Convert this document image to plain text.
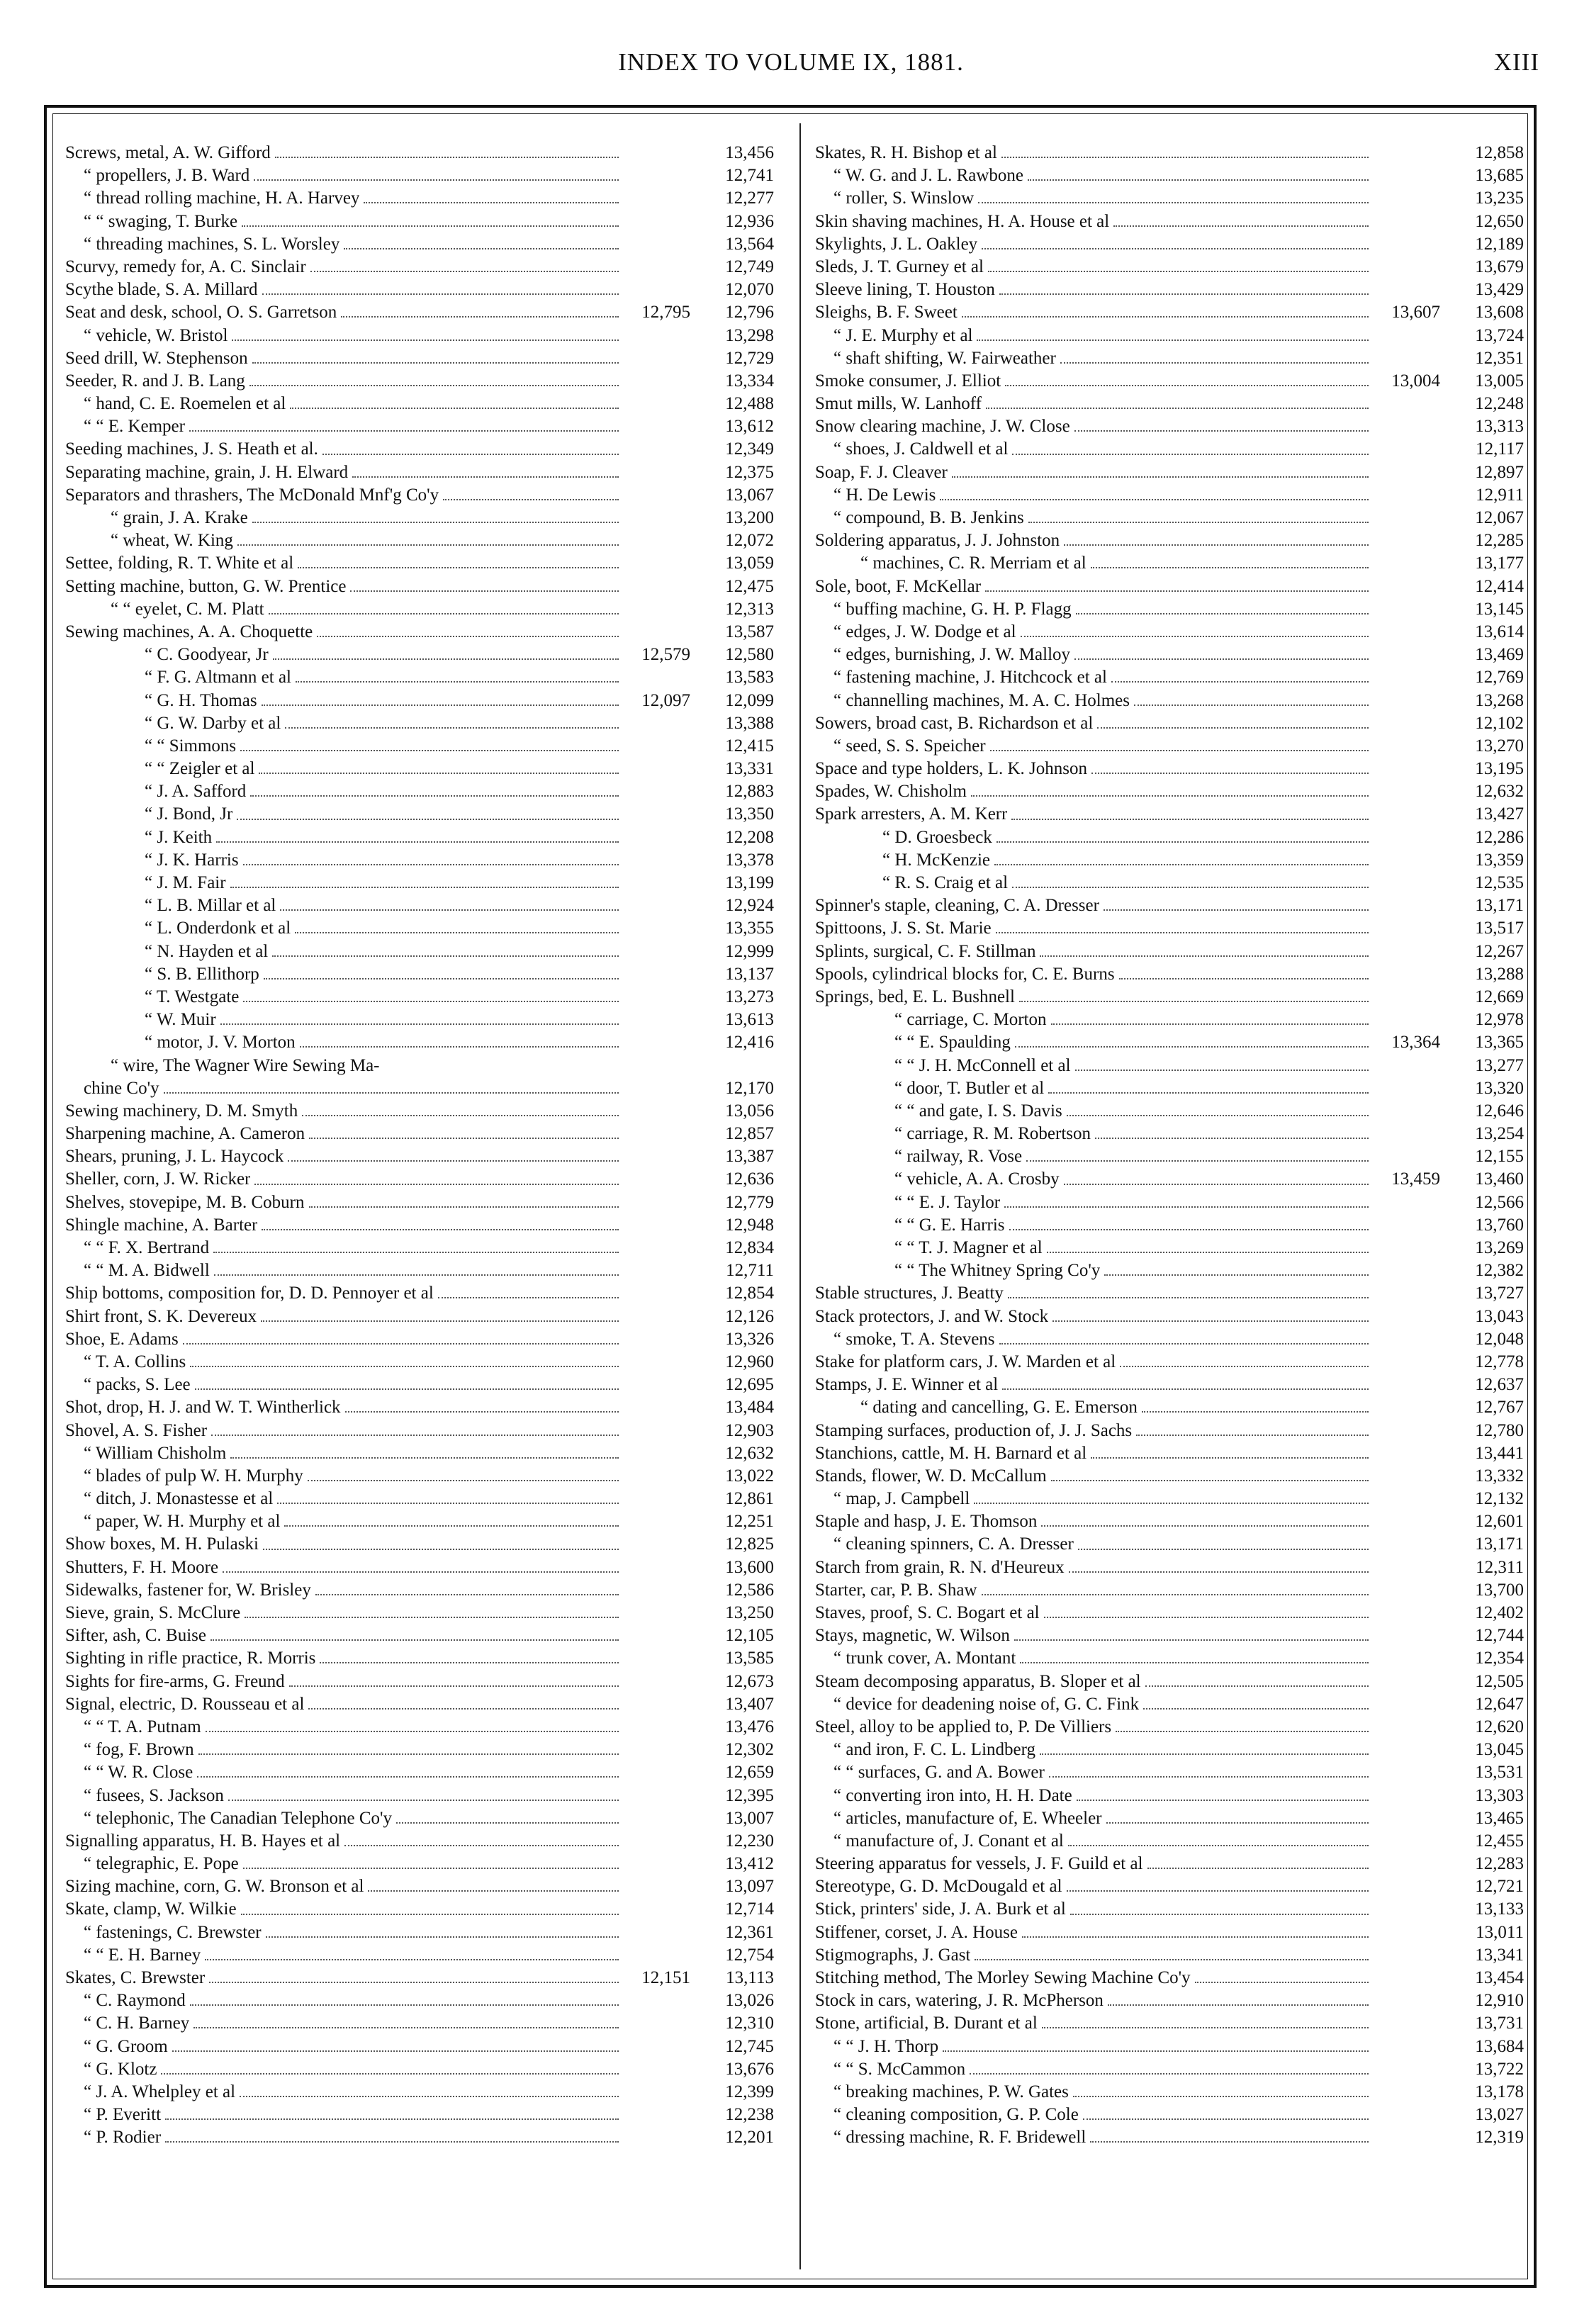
INDEX TO VOLUME IX, 1881.	XIII
Screws, metal, A. W. Gifford	13,456
“ propellers, J. B. Ward	12,741
“ thread rolling machine, H. A. Harvey	12,277
“ “ swaging, T. Burke	12,936
“ threading machines, S. L. Worsley	13,564
Scurvy, remedy for, A. C. Sinclair	12,749
Scythe blade, S. A. Millard	12,070
Seat and desk, school, O. S. Garretson	12,795	12,796
“ vehicle, W. Bristol	13,298
Seed drill, W. Stephenson	12,729
Seeder, R. and J. B. Lang	13,334
“ hand, C. E. Roemelen et al	12,488
“ “ E. Kemper	13,612
Seeding machines, J. S. Heath et al.	12,349
Separating machine, grain, J. H. Elward	12,375
Separators and thrashers, The McDonald Mnf'g Co'y	13,067
“ grain, J. A. Krake	13,200
“ wheat, W. King	12,072
Settee, folding, R. T. White et al	13,059
Setting machine, button, G. W. Prentice	12,475
“ “ eyelet, C. M. Platt	12,313
Sewing machines, A. A. Choquette	13,587
“ C. Goodyear, Jr	12,579	12,580
“ F. G. Altmann et al	13,583
“ G. H. Thomas	12,097	12,099
“ G. W. Darby et al	13,388
“ “ Simmons	12,415
“ “ Zeigler et al	13,331
“ J. A. Safford	12,883
“ J. Bond, Jr	13,350
“ J. Keith	12,208
“ J. K. Harris	13,378
“ J. M. Fair	13,199
“ L. B. Millar et al	12,924
“ L. Onderdonk et al	13,355
“ N. Hayden et al	12,999
“ S. B. Ellithorp	13,137
“ T. Westgate	13,273
“ W. Muir	13,613
“ motor, J. V. Morton	12,416
“ wire, The Wagner Wire Sewing Ma-
chine Co'y	12,170
Sewing machinery, D. M. Smyth	13,056
Sharpening machine, A. Cameron	12,857
Shears, pruning, J. L. Haycock	13,387
Sheller, corn, J. W. Ricker	12,636
Shelves, stovepipe, M. B. Coburn	12,779
Shingle machine, A. Barter	12,948
“ “ F. X. Bertrand	12,834
“ “ M. A. Bidwell	12,711
Ship bottoms, composition for, D. D. Pennoyer et al	12,854
Shirt front, S. K. Devereux	12,126
Shoe, E. Adams	13,326
“ T. A. Collins	12,960
“ packs, S. Lee	12,695
Shot, drop, H. J. and W. T. Wintherlick	13,484
Shovel, A. S. Fisher	12,903
“ William Chisholm	12,632
“ blades of pulp W. H. Murphy	13,022
“ ditch, J. Monastesse et al	12,861
“ paper, W. H. Murphy et al	12,251
Show boxes, M. H. Pulaski	12,825
Shutters, F. H. Moore	13,600
Sidewalks, fastener for, W. Brisley	12,586
Sieve, grain, S. McClure	13,250
Sifter, ash, C. Buise	12,105
Sighting in rifle practice, R. Morris	13,585
Sights for fire-arms, G. Freund	12,673
Signal, electric, D. Rousseau et al	13,407
“ “ T. A. Putnam	13,476
“ fog, F. Brown	12,302
“ “ W. R. Close	12,659
“ fusees, S. Jackson	12,395
“ telephonic, The Canadian Telephone Co'y	13,007
Signalling apparatus, H. B. Hayes et al	12,230
“ telegraphic, E. Pope	13,412
Sizing machine, corn, G. W. Bronson et al	13,097
Skate, clamp, W. Wilkie	12,714
“ fastenings, C. Brewster	12,361
“ “ E. H. Barney	12,754
Skates, C. Brewster	12,151	13,113
“ C. Raymond	13,026
“ C. H. Barney	12,310
“ G. Groom	12,745
“ G. Klotz	13,676
“ J. A. Whelpley et al	12,399
“ P. Everitt	12,238
“ P. Rodier	12,201
Skates, R. H. Bishop et al	12,858
“ W. G. and J. L. Rawbone	13,685
“ roller, S. Winslow	13,235
Skin shaving machines, H. A. House et al	12,650
Skylights, J. L. Oakley	12,189
Sleds, J. T. Gurney et al	13,679
Sleeve lining, T. Houston	13,429
Sleighs, B. F. Sweet	13,607	13,608
“ J. E. Murphy et al	13,724
“ shaft shifting, W. Fairweather	12,351
Smoke consumer, J. Elliot	13,004	13,005
Smut mills, W. Lanhoff	12,248
Snow clearing machine, J. W. Close	13,313
“ shoes, J. Caldwell et al	12,117
Soap, F. J. Cleaver	12,897
“ H. De Lewis	12,911
“ compound, B. B. Jenkins	12,067
Soldering apparatus, J. J. Johnston	12,285
“ machines, C. R. Merriam et al	13,177
Sole, boot, F. McKellar	12,414
“ buffing machine, G. H. P. Flagg	13,145
“ edges, J. W. Dodge et al	13,614
“ edges, burnishing, J. W. Malloy	13,469
“ fastening machine, J. Hitchcock et al	12,769
“ channelling machines, M. A. C. Holmes	13,268
Sowers, broad cast, B. Richardson et al	12,102
“ seed, S. S. Speicher	13,270
Space and type holders, L. K. Johnson	13,195
Spades, W. Chisholm	12,632
Spark arresters, A. M. Kerr	13,427
“ D. Groesbeck	12,286
“ H. McKenzie	13,359
“ R. S. Craig et al	12,535
Spinner's staple, cleaning, C. A. Dresser	13,171
Spittoons, J. S. St. Marie	13,517
Splints, surgical, C. F. Stillman	12,267
Spools, cylindrical blocks for, C. E. Burns	13,288
Springs, bed, E. L. Bushnell	12,669
“ carriage, C. Morton	12,978
“ “ E. Spaulding	13,364	13,365
“ “ J. H. McConnell et al	13,277
“ door, T. Butler et al	13,320
“ “ and gate, I. S. Davis	12,646
“ carriage, R. M. Robertson	13,254
“ railway, R. Vose	12,155
“ vehicle, A. A. Crosby	13,459	13,460
“ “ E. J. Taylor	12,566
“ “ G. E. Harris	13,760
“ “ T. J. Magner et al	13,269
“ “ The Whitney Spring Co'y	12,382
Stable structures, J. Beatty	13,727
Stack protectors, J. and W. Stock	13,043
“ smoke, T. A. Stevens	12,048
Stake for platform cars, J. W. Marden et al	12,778
Stamps, J. E. Winner et al	12,637
“ dating and cancelling, G. E. Emerson	12,767
Stamping surfaces, production of, J. J. Sachs	12,780
Stanchions, cattle, M. H. Barnard et al	13,441
Stands, flower, W. D. McCallum	13,332
“ map, J. Campbell	12,132
Staple and hasp, J. E. Thomson	12,601
“ cleaning spinners, C. A. Dresser	13,171
Starch from grain, R. N. d'Heureux	12,311
Starter, car, P. B. Shaw	13,700
Staves, proof, S. C. Bogart et al	12,402
Stays, magnetic, W. Wilson	12,744
“ trunk cover, A. Montant	12,354
Steam decomposing apparatus, B. Sloper et al	12,505
“ device for deadening noise of, G. C. Fink	12,647
Steel, alloy to be applied to, P. De Villiers	12,620
“ and iron, F. C. L. Lindberg	13,045
“ “ surfaces, G. and A. Bower	13,531
“ converting iron into, H. H. Date	13,303
“ articles, manufacture of, E. Wheeler	13,465
“ manufacture of, J. Conant et al	12,455
Steering apparatus for vessels, J. F. Guild et al	12,283
Stereotype, G. D. McDougald et al	12,721
Stick, printers' side, J. A. Burk et al	13,133
Stiffener, corset, J. A. House	13,011
Stigmographs, J. Gast	13,341
Stitching method, The Morley Sewing Machine Co'y	13,454
Stock in cars, watering, J. R. McPherson	12,910
Stone, artificial, B. Durant et al	13,731
“ “ J. H. Thorp	13,684
“ “ S. McCammon	13,722
“ breaking machines, P. W. Gates	13,178
“ cleaning composition, G. P. Cole	13,027
“ dressing machine, R. F. Bridewell	12,319
